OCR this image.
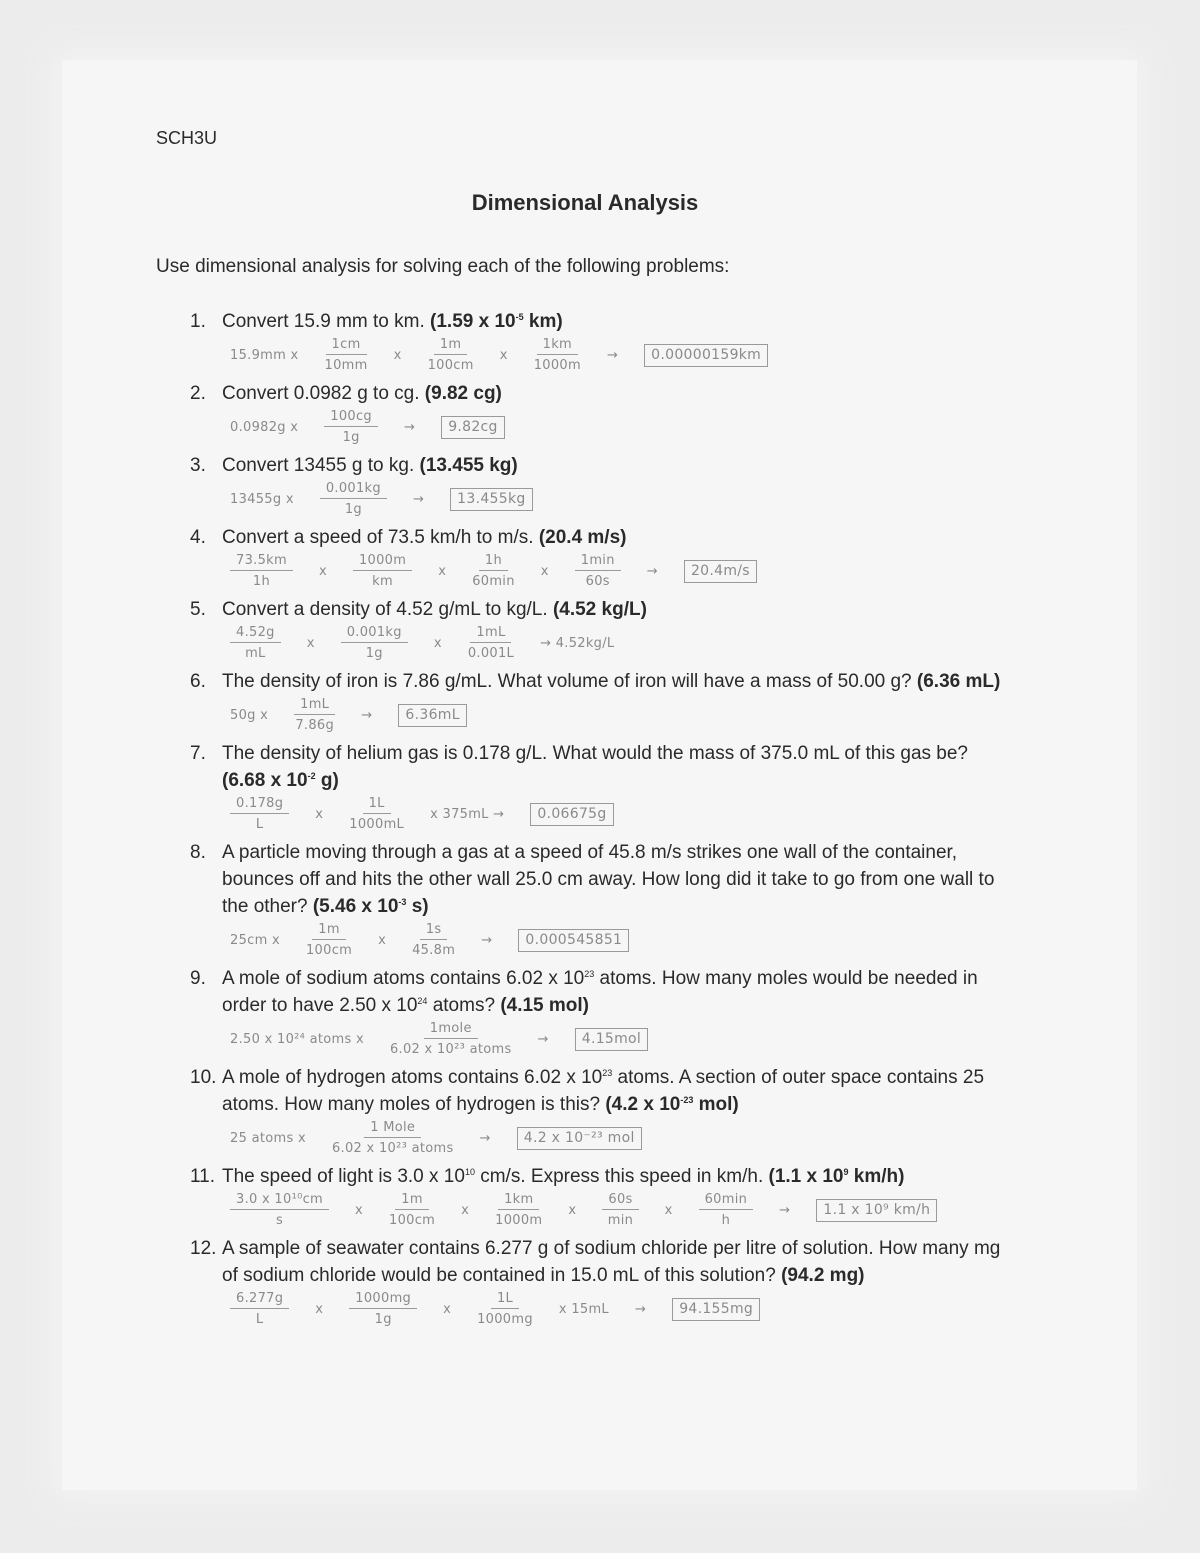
SCH3U
Dimensional Analysis
Use dimensional analysis for solving each of the following problems:
1. Convert 15.9 mm to km. (1.59 x $10^{-5}$ km)
15.9mm x $\frac{1cm}{10mm}$ x $\frac{1m}{100cm}$ x $\frac{1km}{1000m}$ →	0.00000159km
2. Convert 0.0982 g to cg. (9.82 cg)
0.0982g x $\frac{100cg}{1g}$ →	9.82cg
3. Convert 13455 g to kg. (13.455 kg)
13455g x $\frac{0.001kg}{1g}$ →	13.455kg
4. Convert a speed of 73.5 km/h to m/s. (20.4 m/s)
$\frac{73.5km}{1h}$ x $\frac{1000m}{km}$ x $\frac{1h}{60\min}$ x $\frac{1\min}{60s}$ →	20.4m/s
5. Convert a density of 4.52 g/mL to kg/L. (4.52 kg/L)
$\frac{4.52g}{mL}$ x $\frac{0.001kg}{1g}$ x $\frac{1mL}{0.001L} \to 4.52kg/L$
6. The density of iron is 7.86 g/mL. What volume of iron will have a mass of 50.00 g? (6.36 mL)
50g x $\frac{1mL}{7.86g}$ →	6.36mL
7. The density of helium gas is 0.178 g/L. What would the mass of 375.0 mL of this gas be? (6.68 x $10^{-2}$ g)
$\frac{0.178g}{L}$ x $\frac{1L}{1000mL}$ x 375mL →	0.06675g
8. A particle moving through a gas at a speed of 45.8 m/s strikes one wall of the container, bounces off and hits the other wall 25.0 cm away. How long did it take to go from one wall to the other? (5.46 x $10^{-3}$ s)
25cm x $\frac{1m}{100cm}$ x $\frac{1s}{45.8m}$ →	0.000545851
9. A mole of sodium atoms contains 6.02 x $10^{23}$ atoms. How many moles would be needed in order to have 2.50 x $10^{24}$ atoms? (4.15 mol)
2.50 x 10²⁴ atoms x $\frac{\text{1mole}}{\text{6.02 x 10²³ atoms}}$ →	4.15mol
10. A mole of hydrogen atoms contains 6.02 x $10^{23}$ atoms. A section of outer space contains 25 atoms. How many moles of hydrogen is this? (4.2 x $10^{-23}$ mol)
25 atoms x $\frac{\text{1 Mole}}{\text{6.02 x 10²³ atoms}}$ →	4.2 x 10⁻²³ mol
11. The speed of light is 3.0 x $10^{10}$ cm/s. Express this speed in km/h. (1.1 x $10^9$ km/h)
$\frac{\text{3.0 x 10¹⁰cm}}{s}$ x $\frac{1m}{100cm}$ x $\frac{1km}{1000m}$ x $\frac{60s}{\min}$ x $\frac{60\min}{h}$ →	1.1 x 10⁹ km/h
12. A sample of seawater contains 6.277 g of sodium chloride per litre of solution. How many mg of sodium chloride would be contained in 15.0 mL of this solution? (94.2 mg)
$\frac{6.277g}{L}$ x $\frac{1000mg}{1g}$ x $\frac{1L}{1000mg}$ x 15mL →	94.155mg
